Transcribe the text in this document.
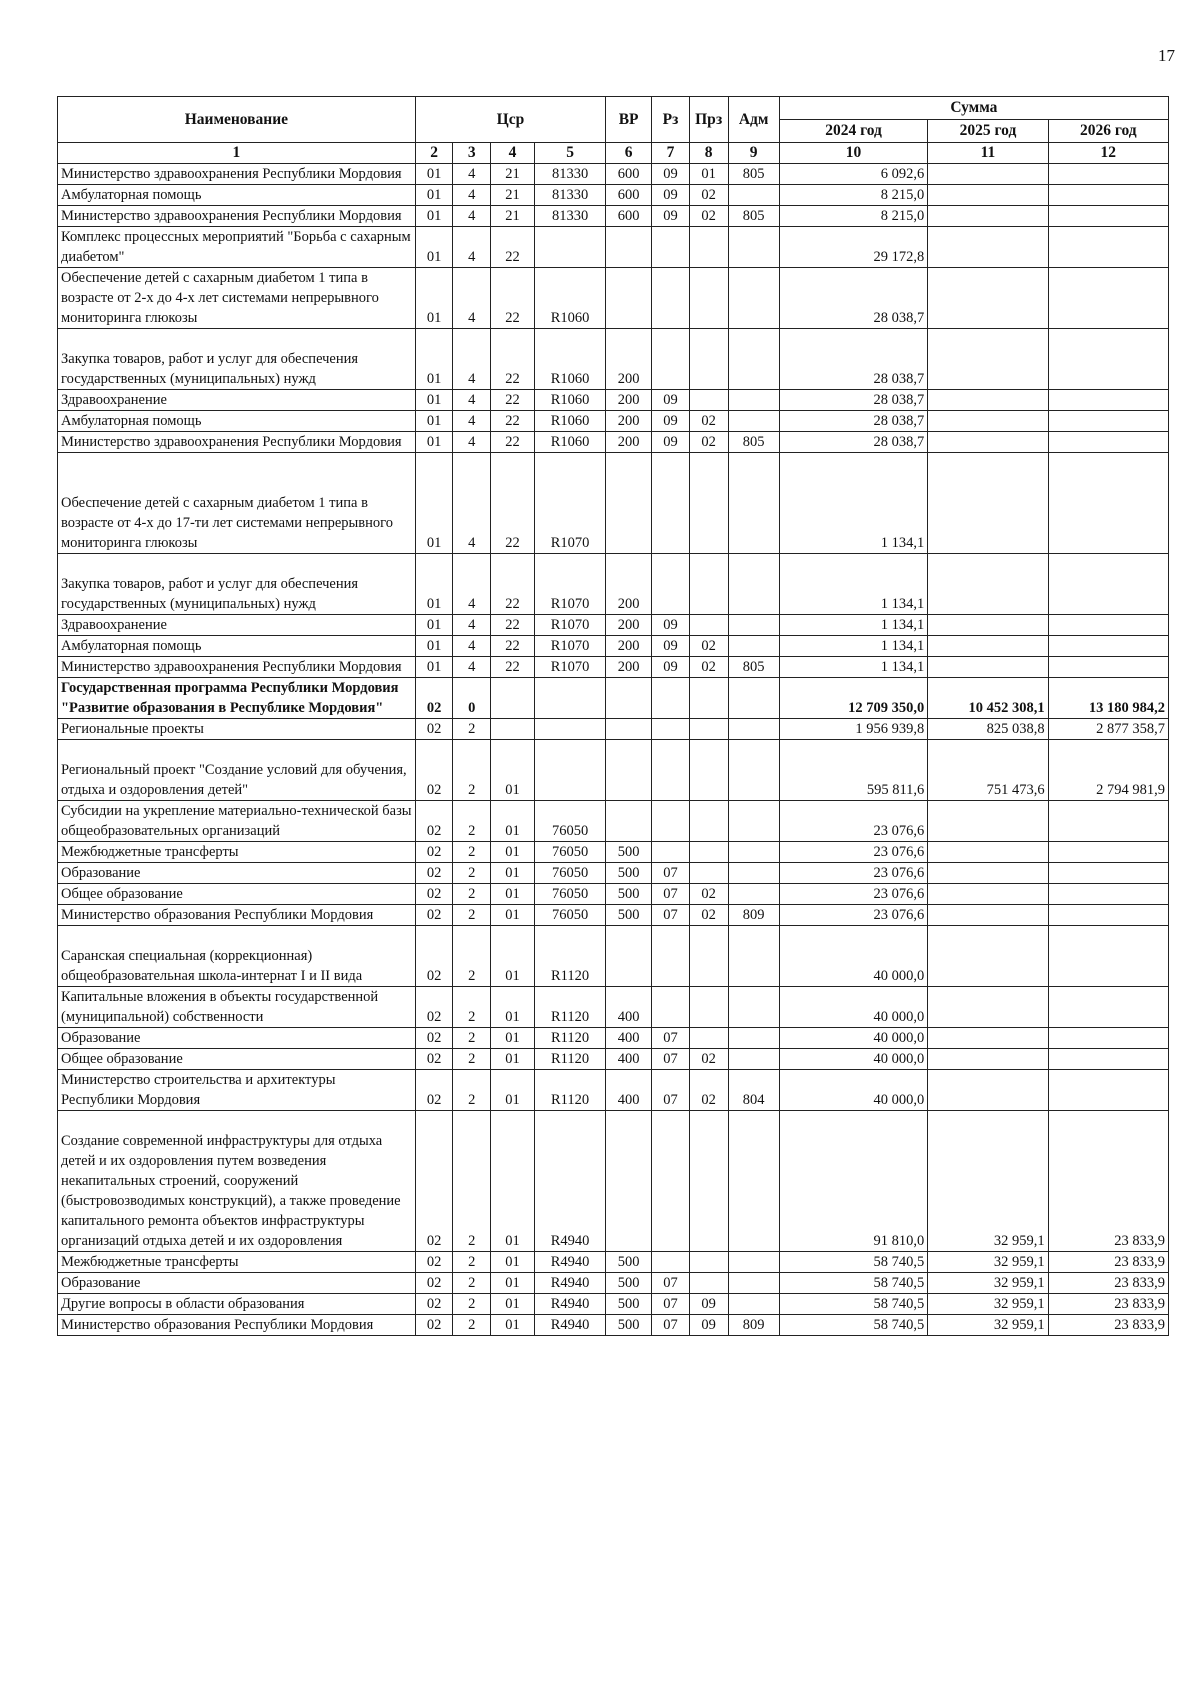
17
Наименование	Цср				ВР	Рз	Прз	Адм	Сумма		
									2024 год	2025 год	2026 год
1	2	3	4	5	6	7	8	9	10	11	12
Министерство здравоохранения Республики Мордовия	01	4	21	81330	600	09	01	805	6 092,6		
Амбулаторная помощь	01	4	21	81330	600	09	02		8 215,0		
Министерство здравоохранения Республики Мордовия	01	4	21	81330	600	09	02	805	8 215,0		
Комплекс процессных мероприятий "Борьба с сахарным диабетом"	01	4	22						29 172,8		
Обеспечение детей с сахарным диабетом 1 типа в возрасте от 2-х до 4-х лет системами непрерывного мониторинга глюкозы	01	4	22	R1060					28 038,7		
Закупка товаров, работ и услуг для обеспечения государственных (муниципальных) нужд	01	4	22	R1060	200				28 038,7		
Здравоохранение	01	4	22	R1060	200	09			28 038,7		
Амбулаторная помощь	01	4	22	R1060	200	09	02		28 038,7		
Министерство здравоохранения Республики Мордовия	01	4	22	R1060	200	09	02	805	28 038,7		
Обеспечение детей с сахарным диабетом 1 типа в возрасте от 4-х до 17-ти лет системами непрерывного мониторинга глюкозы	01	4	22	R1070					1 134,1		
Закупка товаров, работ и услуг для обеспечения государственных (муниципальных) нужд	01	4	22	R1070	200				1 134,1		
Здравоохранение	01	4	22	R1070	200	09			1 134,1		
Амбулаторная помощь	01	4	22	R1070	200	09	02		1 134,1		
Министерство здравоохранения Республики Мордовия	01	4	22	R1070	200	09	02	805	1 134,1		
Государственная программа Республики Мордовия "Развитие образования в Республике Мордовия"	02	0							12 709 350,0	10 452 308,1	13 180 984,2
Региональные проекты	02	2							1 956 939,8	825 038,8	2 877 358,7
Региональный проект "Создание условий для обучения, отдыха и оздоровления детей"	02	2	01						595 811,6	751 473,6	2 794 981,9
Субсидии на укрепление материально-технической базы общеобразовательных организаций	02	2	01	76050					23 076,6		
Межбюджетные трансферты	02	2	01	76050	500				23 076,6		
Образование	02	2	01	76050	500	07			23 076,6		
Общее образование	02	2	01	76050	500	07	02		23 076,6		
Министерство образования Республики Мордовия	02	2	01	76050	500	07	02	809	23 076,6		
Саранская специальная (коррекционная) общеобразовательная школа-интернат I и II вида	02	2	01	R1120					40 000,0		
Капитальные вложения в объекты государственной (муниципальной) собственности	02	2	01	R1120	400				40 000,0		
Образование	02	2	01	R1120	400	07			40 000,0		
Общее образование	02	2	01	R1120	400	07	02		40 000,0		
Министерство строительства и архитектуры Республики Мордовия	02	2	01	R1120	400	07	02	804	40 000,0		
Создание современной инфраструктуры для отдыха детей и их оздоровления путем возведения некапитальных строений, сооружений (быстровозводимых конструкций), а также проведение капитального ремонта объектов инфраструктуры организаций отдыха детей и их оздоровления	02	2	01	R4940					91 810,0	32 959,1	23 833,9
Межбюджетные трансферты	02	2	01	R4940	500				58 740,5	32 959,1	23 833,9
Образование	02	2	01	R4940	500	07			58 740,5	32 959,1	23 833,9
Другие вопросы в области образования	02	2	01	R4940	500	07	09		58 740,5	32 959,1	23 833,9
Министерство образования Республики Мордовия	02	2	01	R4940	500	07	09	809	58 740,5	32 959,1	23 833,9
